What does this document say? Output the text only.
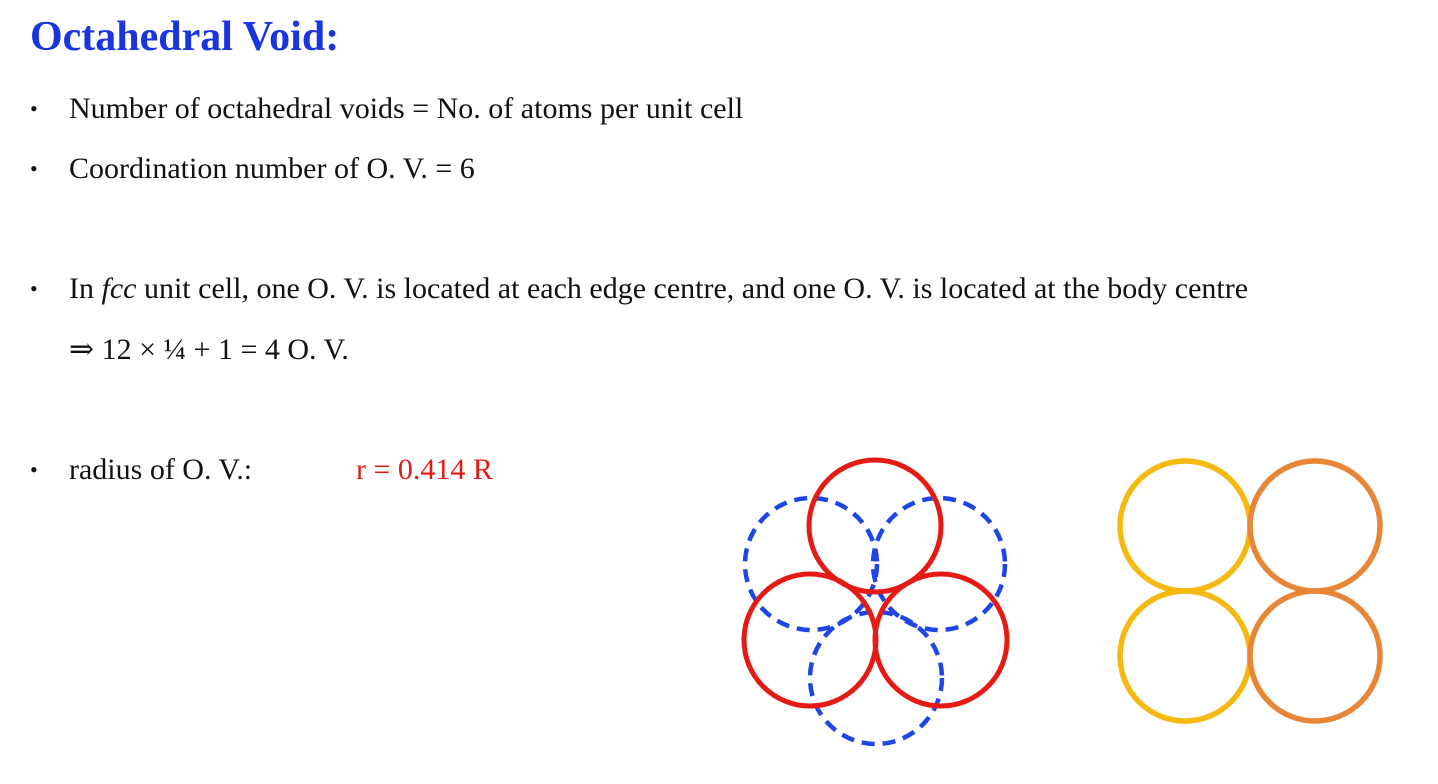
Octahedral Void:
• Number of octahedral voids = No. of atoms per unit cell
• Coordination number of O. V. = 6
• In fcc unit cell, one O. V. is located at each edge centre, and one O. V. is located at the body centre
⇒ 12 × ¼ + 1 = 4 O. V.
• radius of O. V.:	r = 0.414 R
